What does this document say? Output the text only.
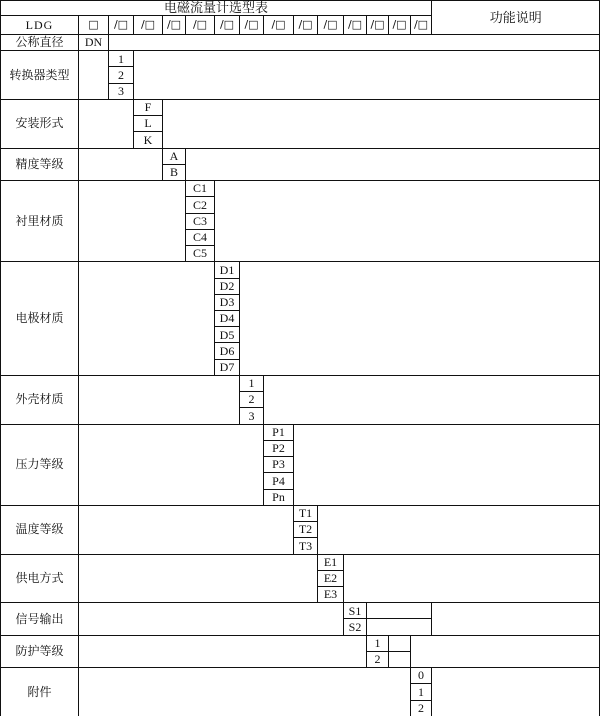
电磁流量计选型表															功能说明	
LDG	□	/□	/□	/□	/□	/□	/□	/□	/□	/□	/□	/□	/□	/□		
公称直径	DN		
转换器类型		1		
		2	
		3	
安装形式			F		
			L	
			K	
精度等级				A		
				B	
衬里材质					C1		
					C2	
					C3	
					C4	
					C5	
电极材质						D1		
						D2	
						D3	
						D4	
						D5	
						D6	
						D7	
外壳材质							1		
							2	
							3	
压力等级								P1		
								P2	
								P3	
								P4	
								Pn	
温度等级									T1		
									T2	
									T3	
供电方式										E1		
										E2	
										E3	
信号输出											S1			
											S2		
防护等级												1			
												2		
附件														0		
														1	
														2	
